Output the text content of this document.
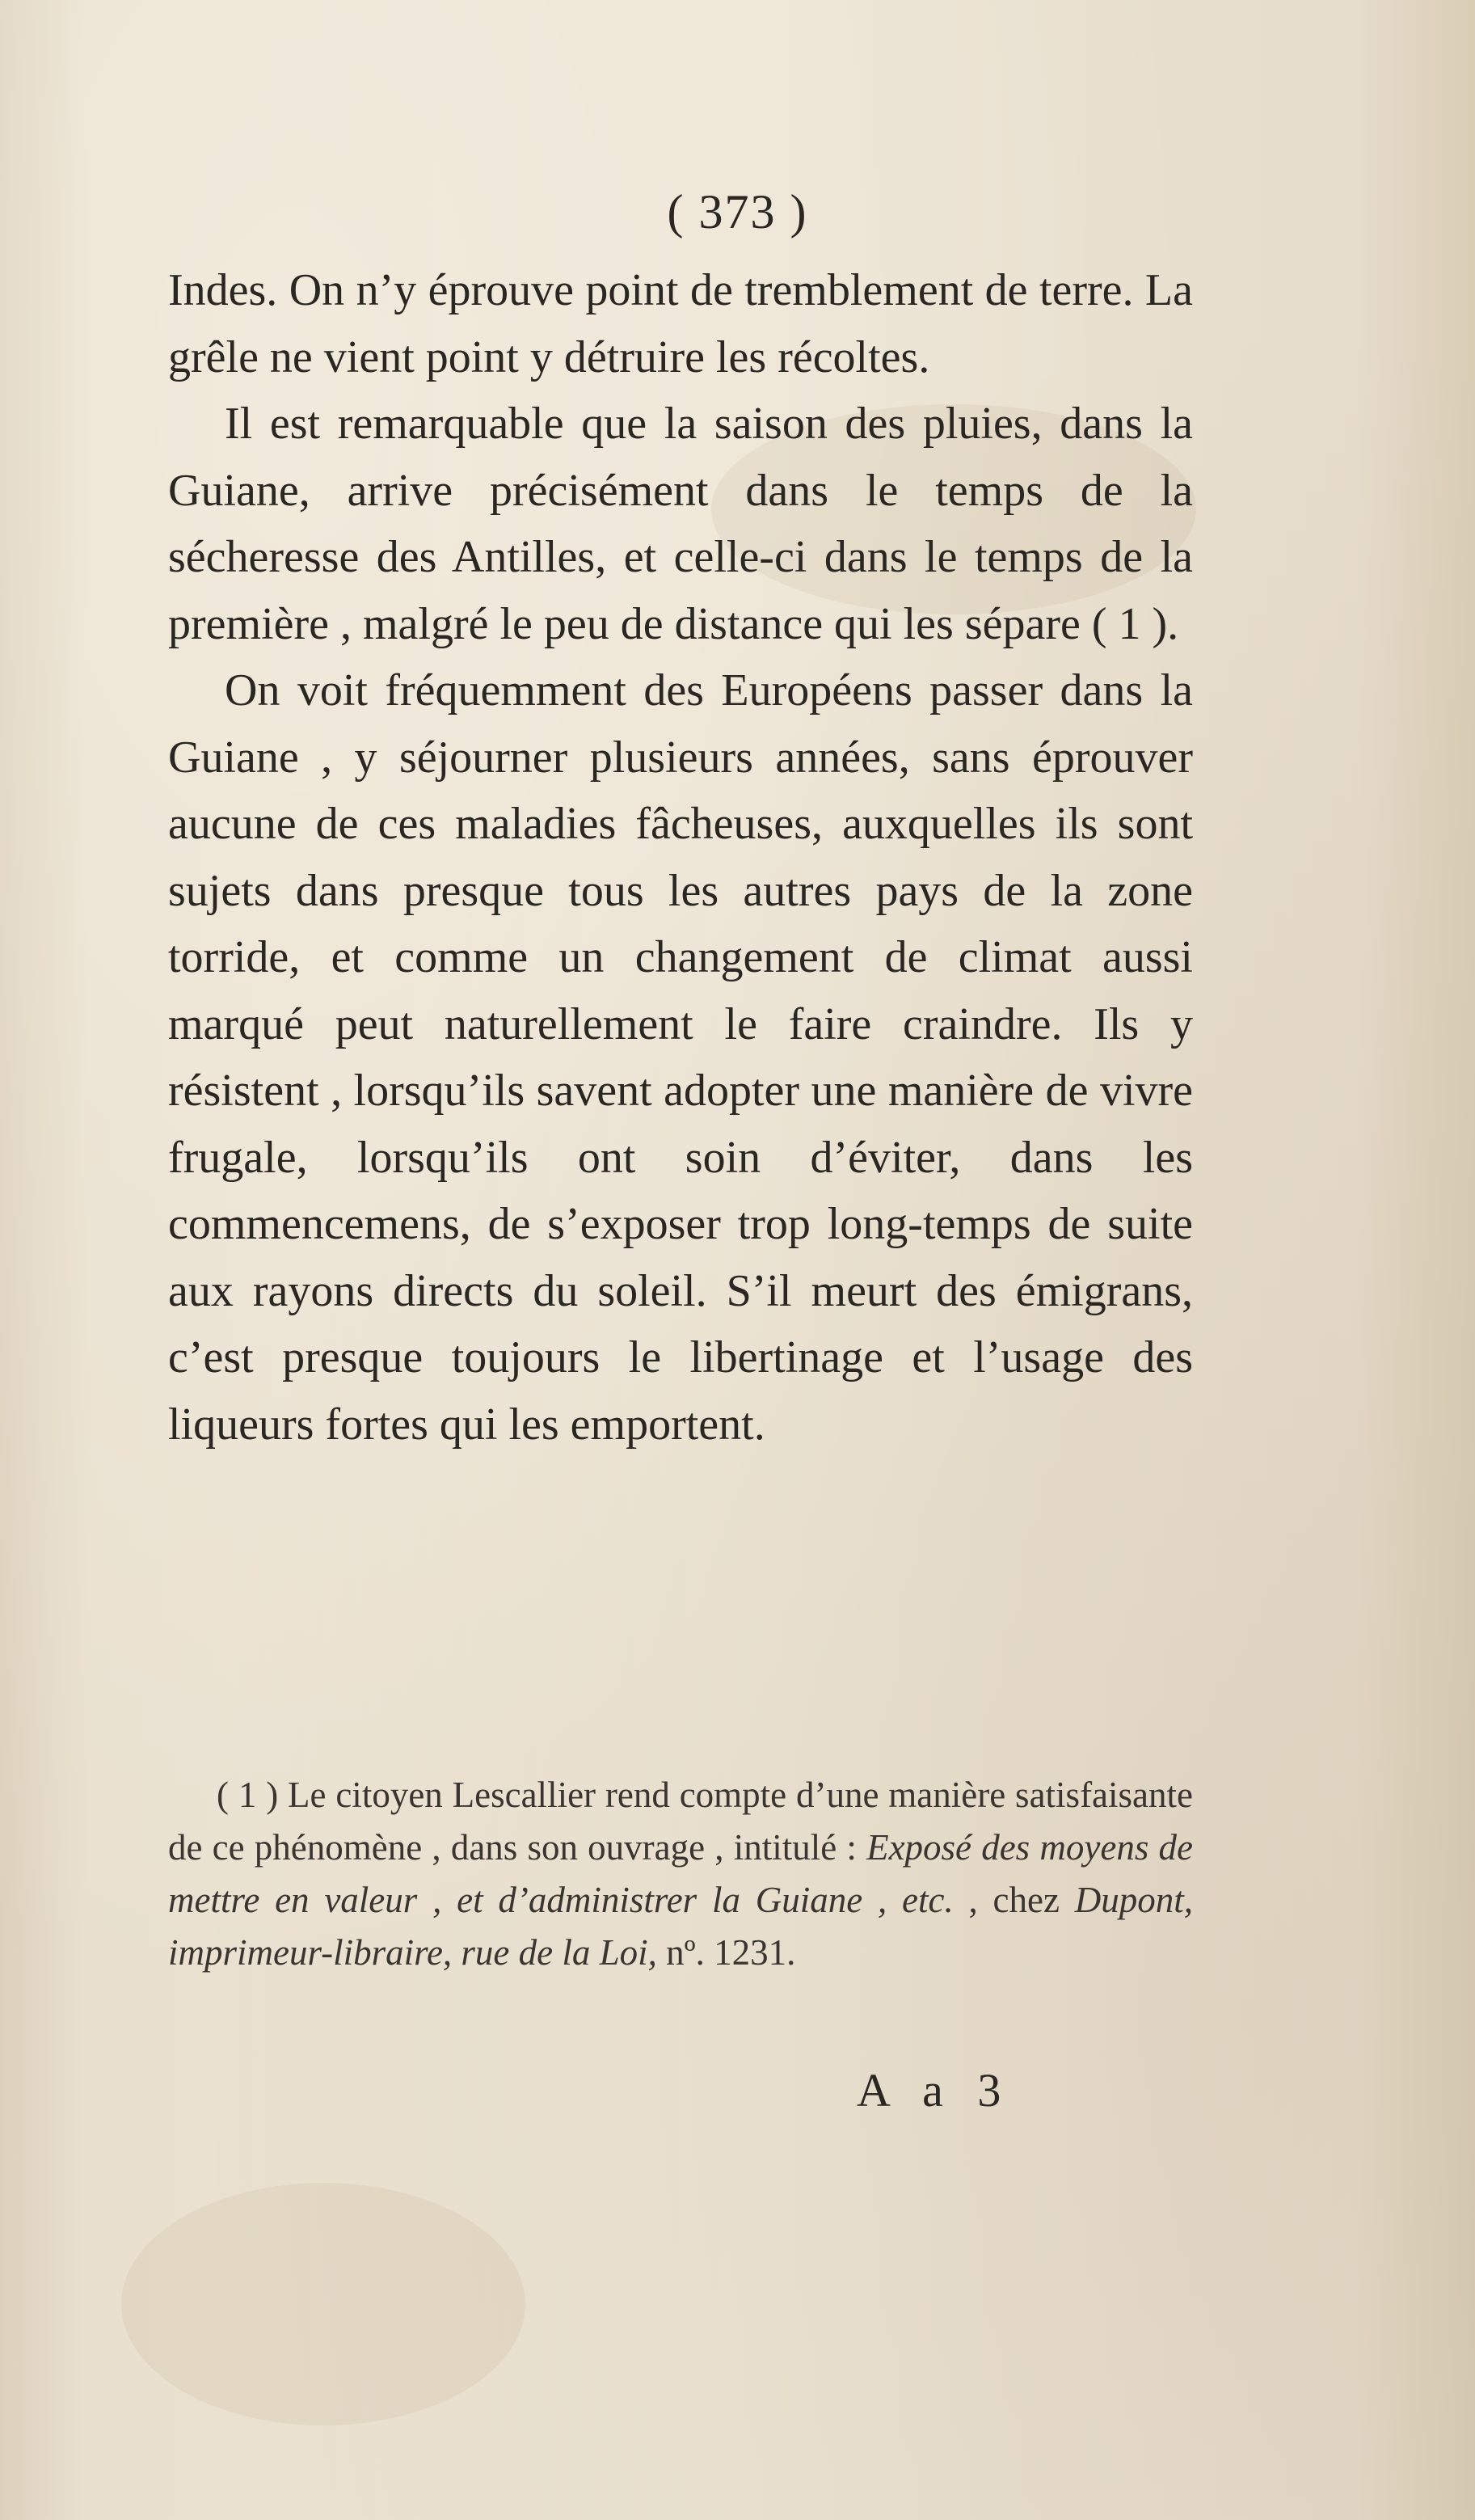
( 373 )

Indes. On n’y éprouve point de tremblement de terre. La grêle ne vient point y détruire les récoltes.

Il est remarquable que la saison des pluies, dans la Guiane, arrive précisément dans le temps de la sécheresse des Antilles, et celle-ci dans le temps de la première , malgré le peu de distance qui les sépare ( 1 ).

On voit fréquemment des Européens passer dans la Guiane , y séjourner plusieurs années, sans éprouver aucune de ces maladies fâcheuses, auxquelles ils sont sujets dans presque tous les autres pays de la zone torride, et comme un changement de climat aussi marqué peut naturellement le faire craindre. Ils y résistent , lorsqu’ils savent adopter une manière de vivre frugale, lorsqu’ils ont soin d’éviter, dans les commencemens, de s’exposer trop long-temps de suite aux rayons directs du soleil. S’il meurt des émigrans, c’est presque toujours le libertinage et l’usage des liqueurs fortes qui les emportent.

( 1 ) Le citoyen Lescallier rend compte d’une manière satisfaisante de ce phénomène , dans son ouvrage , intitulé : Exposé des moyens de mettre en valeur , et d’administrer la Guiane , etc. , chez Dupont, imprimeur-libraire, rue de la Loi, nº. 1231.

A a 3
